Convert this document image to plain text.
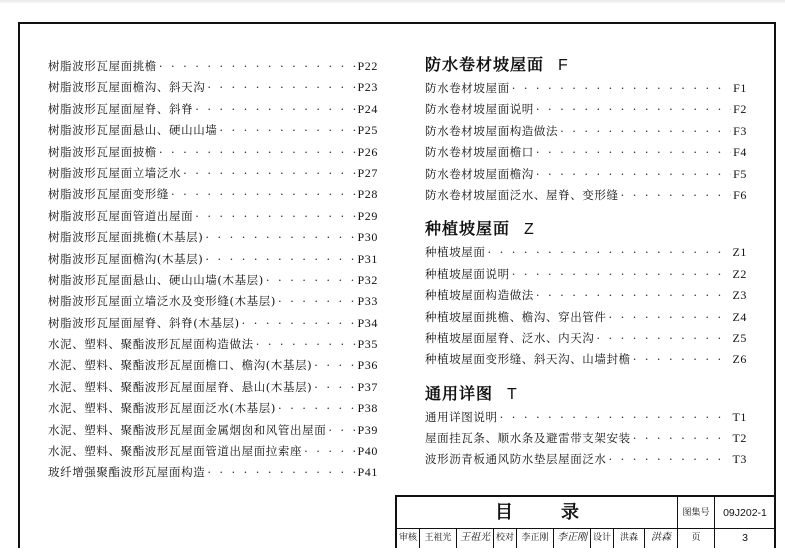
树脂波形瓦屋面挑檐 · · ·	P22
树脂波形瓦屋面檐沟、斜天沟 · · ·	P23
树脂波形瓦屋面屋脊、斜脊 · · ·	P24
树脂波形瓦屋面悬山、硬山山墙 · · ·	P25
树脂波形瓦屋面披檐 · · ·	P26
树脂波形瓦屋面立墙泛水 · · ·	P27
树脂波形瓦屋面变形缝 · · ·	P28
树脂波形瓦屋面管道出屋面 · · ·	P29
树脂波形瓦屋面挑檐(木基层) · · ·	P30
树脂波形瓦屋面檐沟(木基层) · · ·	P31
树脂波形瓦屋面悬山、硬山山墙(木基层) · · ·	P32
树脂波形瓦屋面立墙泛水及变形缝(木基层) · · ·	P33
树脂波形瓦屋面屋脊、斜脊(木基层) · · ·	P34
水泥、塑料、聚酯波形瓦屋面构造做法 · · ·	P35
水泥、塑料、聚酯波形瓦屋面檐口、檐沟(木基层) · · ·	P36
水泥、塑料、聚酯波形瓦屋面屋脊、悬山(木基层) · · ·	P37
水泥、塑料、聚酯波形瓦屋面泛水(木基层) · · ·	P38
水泥、塑料、聚酯波形瓦屋面金属烟囱和风管出屋面 · · ·	P39
水泥、塑料、聚酯波形瓦屋面管道出屋面拉索座 · · ·	P40
玻纤增强聚酯波形瓦屋面构造 · · ·	P41
防水卷材坡屋面 F
防水卷材坡屋面 · · ·	F1
防水卷材坡屋面说明 · · ·	F2
防水卷材坡屋面构造做法 · · ·	F3
防水卷材坡屋面檐口 · · ·	F4
防水卷材坡屋面檐沟 · · ·	F5
防水卷材坡屋面泛水、屋脊、变形缝 · · ·	F6
种植坡屋面 Z
种植坡屋面 · · ·	Z1
种植坡屋面说明 · · ·	Z2
种植坡屋面构造做法 · · ·	Z3
种植坡屋面挑檐、檐沟、穿出管件 · · ·	Z4
种植坡屋面屋脊、泛水、内天沟 · · ·	Z5
种植坡屋面变形缝、斜天沟、山墙封檐 · · ·	Z6
通用详图 T
通用详图说明 · · ·	T1
屋面挂瓦条、顺水条及避雷带支架安装 · · ·	T2
波形沥青板通风防水垫层屋面泛水 · · ·	T3
目录	图集号	09J202-1
审核 王祖光 王祖光 校对 李正刚 李正刚 设计 洪森	洪森	页	3
